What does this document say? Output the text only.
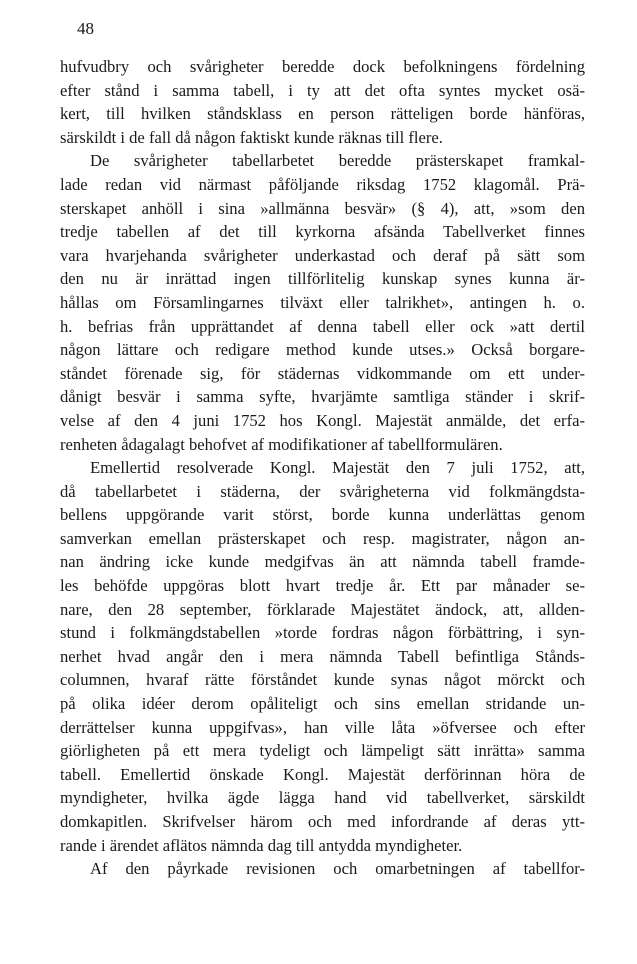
48
hufvudbry och svårigheter beredde dock befolkningens fördelning
efter stånd i samma tabell, i ty att det ofta syntes mycket osä-
kert, till hvilken ståndsklass en person rätteligen borde hänföras,
särskildt i de fall då någon faktiskt kunde räknas till flere.
De svårigheter tabellarbetet beredde prästerskapet framkal-
lade redan vid närmast påföljande riksdag 1752 klagomål. Prä-
sterskapet anhöll i sina »allmänna besvär» (§ 4), att, »som den
tredje tabellen af det till kyrkorna afsända Tabellverket finnes
vara hvarjehanda svårigheter underkastad och deraf på sätt som
den nu är inrättad ingen tillförlitelig kunskap synes kunna är-
hållas om Församlingarnes tilväxt eller talrikhet», antingen h. o.
h. befrias från upprättandet af denna tabell eller ock »att dertil
någon lättare och redigare method kunde utses.» Också borgare-
ståndet förenade sig, för städernas vidkommande om ett under-
dånigt besvär i samma syfte, hvarjämte samtliga ständer i skrif-
velse af den 4 juni 1752 hos Kongl. Majestät anmälde, det erfa-
renheten ådagalagt behofvet af modifikationer af tabellformulären.
Emellertid resolverade Kongl. Majestät den 7 juli 1752, att,
då tabellarbetet i städerna, der svårigheterna vid folkmängdsta-
bellens uppgörande varit störst, borde kunna underlättas genom
samverkan emellan prästerskapet och resp. magistrater, någon an-
nan ändring icke kunde medgifvas än att nämnda tabell framde-
les behöfde uppgöras blott hvart tredje år. Ett par månader se-
nare, den 28 september, förklarade Majestätet ändock, att, allden-
stund i folkmängdstabellen »torde fordras någon förbättring, i syn-
nerhet hvad angår den i mera nämnda Tabell befintliga Stånds-
columnen, hvaraf rätte förståndet kunde synas något mörckt och
på olika idéer derom opåliteligt och sins emellan stridande un-
derrättelser kunna uppgifvas», han ville låta »öfversee och efter
giörligheten på ett mera tydeligt och lämpeligt sätt inrätta» samma
tabell. Emellertid önskade Kongl. Majestät derförinnan höra de
myndigheter, hvilka ägde lägga hand vid tabellverket, särskildt
domkapitlen. Skrifvelser härom och med infordrande af deras ytt-
rande i ärendet aflätos nämnda dag till antydda myndigheter.
Af den påyrkade revisionen och omarbetningen af tabellfor-
